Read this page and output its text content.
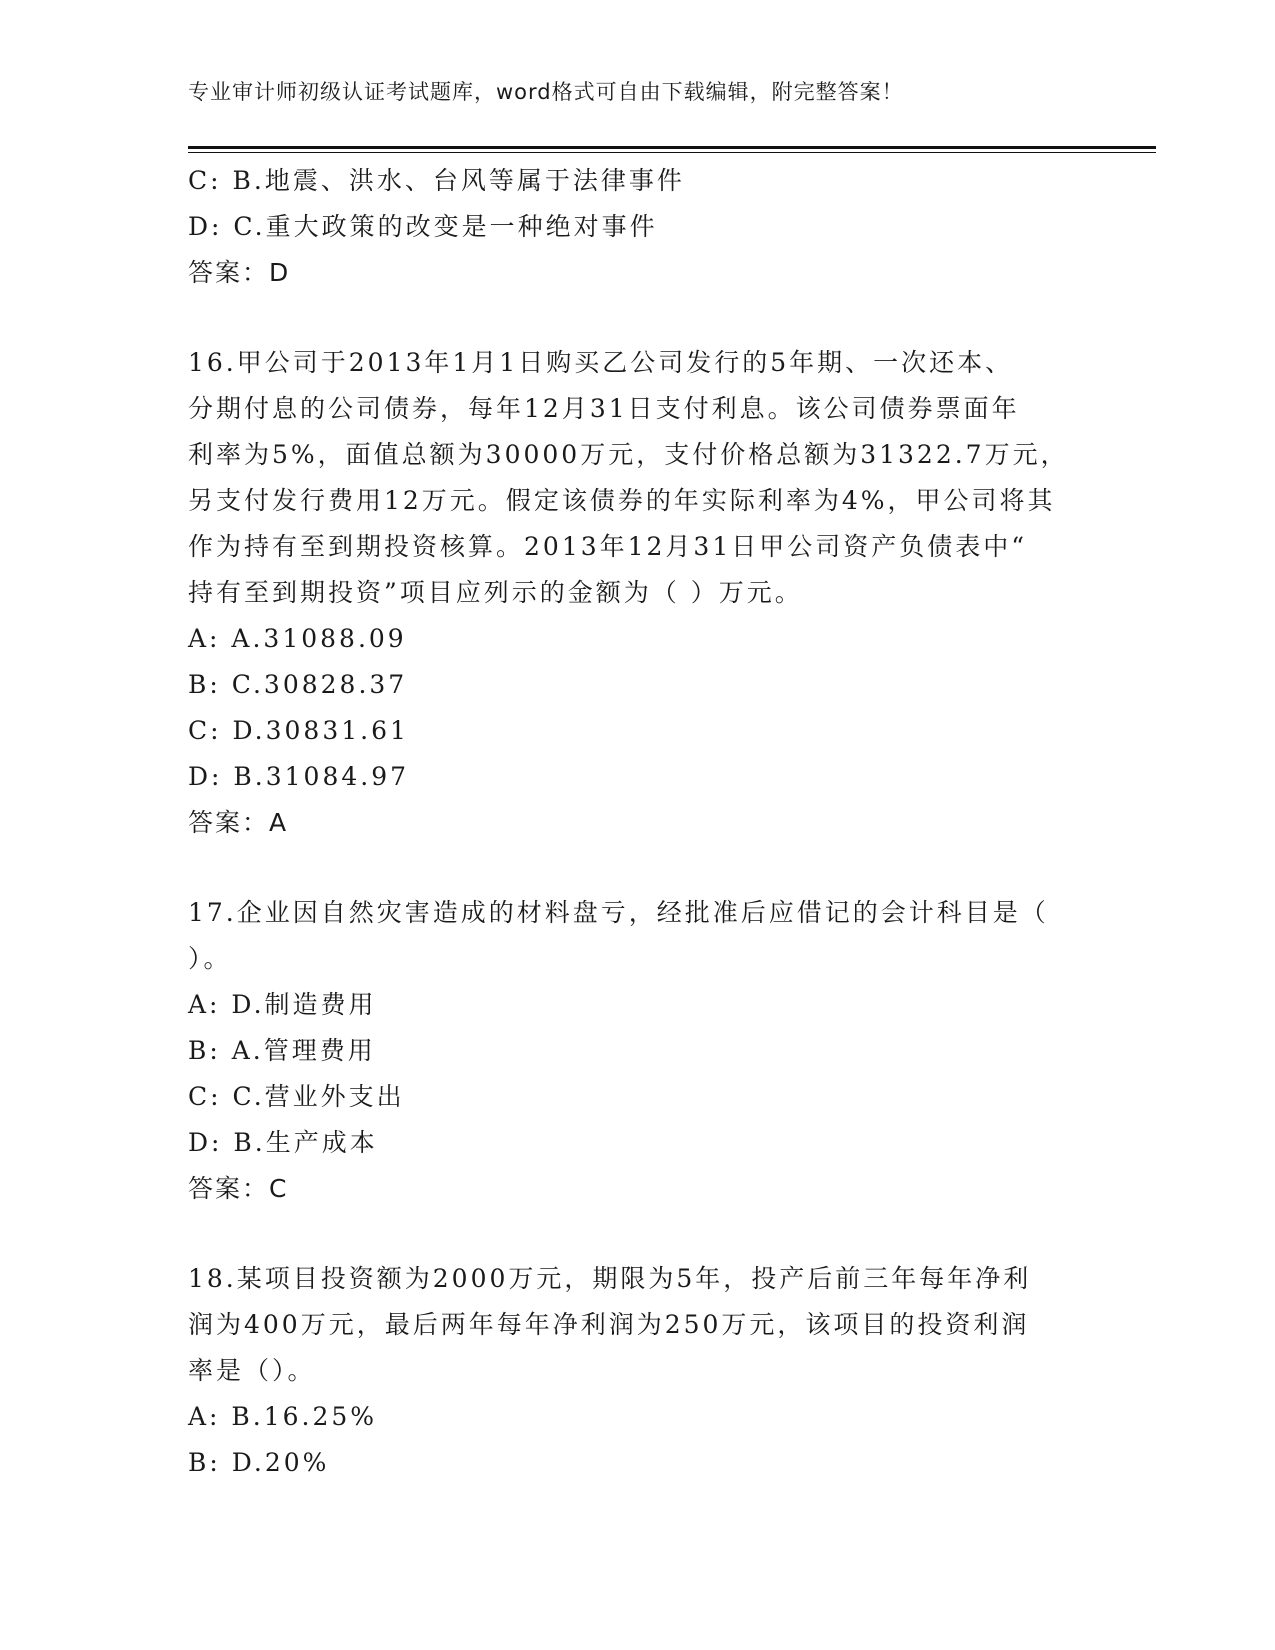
专业审计师初级认证考试题库，word格式可自由下载编辑，附完整答案！
C: B.地震、洪水、台风等属于法律事件
D: C.重大政策的改变是一种绝对事件
答案：D
16.甲公司于2013年1月1日购买乙公司发行的5年期、一次还本、
分期付息的公司债券，每年12月31日支付利息。该公司债券票面年
利率为5%，面值总额为30000万元，支付价格总额为31322.7万元，
另支付发行费用12万元。假定该债券的年实际利率为4%，甲公司将其
作为持有至到期投资核算。2013年12月31日甲公司资产负债表中“
持有至到期投资”项目应列示的金额为（ ）万元。
A: A.31088.09
B: C.30828.37
C: D.30831.61
D: B.31084.97
答案：A
17.企业因自然灾害造成的材料盘亏，经批准后应借记的会计科目是（
）。
A: D.制造费用
B: A.管理费用
C: C.营业外支出
D: B.生产成本
答案：C
18.某项目投资额为2000万元，期限为5年，投产后前三年每年净利
润为400万元，最后两年每年净利润为250万元，该项目的投资利润
率是（）。
A: B.16.25%
B: D.20%
